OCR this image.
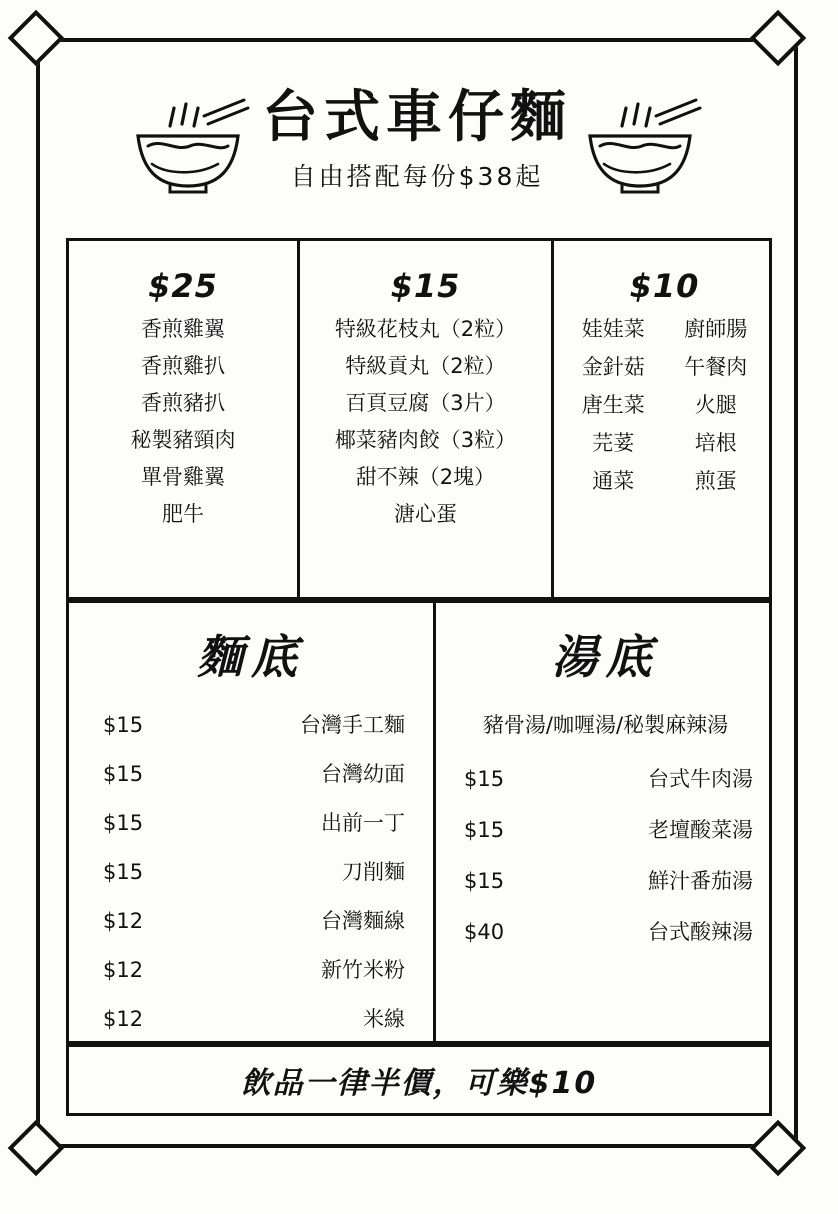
台式車仔麵
自由搭配每份$38起
$25
香煎雞翼
香煎雞扒
香煎豬扒
秘製豬頸肉
單骨雞翼
肥牛
$15
特級花枝丸（2粒）
特級貢丸（2粒）
百頁豆腐（3片）
椰菜豬肉餃（3粒）
甜不辣（2塊）
溏心蛋
$10
娃娃菜	廚師腸
金針菇	午餐肉
唐生菜	火腿
芫荽	培根
通菜	煎蛋
麵底
$15	台灣手工麵
$15	台灣幼面
$15	出前一丁
$15	刀削麵
$12	台灣麵線
$12	新竹米粉
$12	米線
湯底
豬骨湯/咖喱湯/秘製麻辣湯
$15	台式牛肉湯
$15	老壇酸菜湯
$15	鮮汁番茄湯
$40	台式酸辣湯
飲品一律半價，可樂$10
